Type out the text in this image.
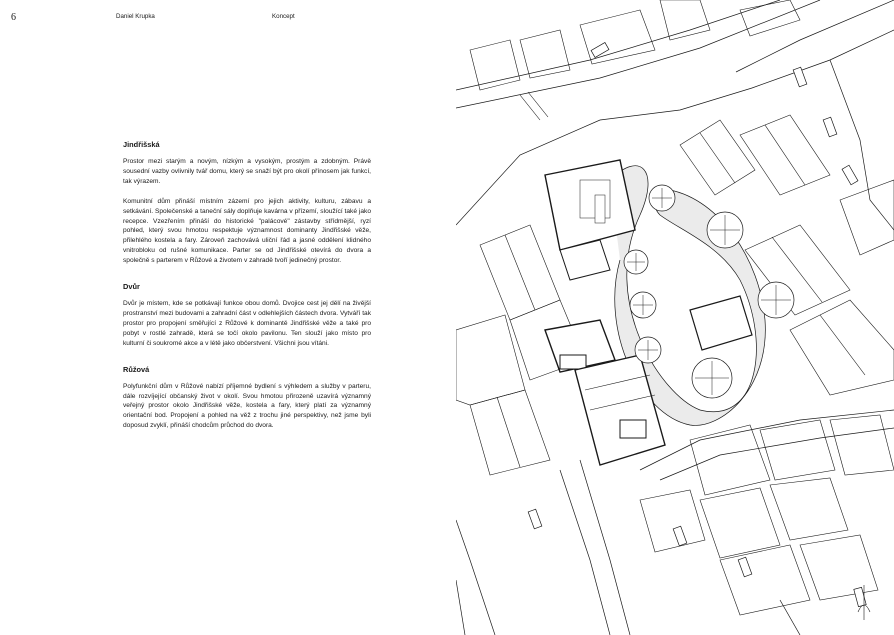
6	Daniel Krupka	Koncept
Jindřišská

Prostor mezi starým a novým, nízkým a vysokým, prostým a zdobným. Právě sousední vazby ovlivnily tvář domu, který se snaží být pro okolí přínosem jak funkcí, tak výrazem.

Komunitní dům přináší místním zázemí pro jejich aktivity, kulturu, zábavu a setkávání. Společenské a taneční sály doplňuje kavárna v přízemí, sloužící také jako recepce. Vzezřením přináší do historické "palácové" zástavby střídmější, ryzí pohled, který svou hmotou respektuje významnost dominanty Jindřišské věže, přilehlého kostela a fary. Zároveň zachovává uliční řád a jasné oddělení klidného vnitrobloku od rušné komunikace. Parter se od Jindřišské otevírá do dvora a společně s parterem v Růžové a životem v zahradě tvoří jedinečný prostor.

Dvůr

Dvůr je místem, kde se potkávají funkce obou domů. Dvojice cest jej dělí na živější prostranství mezi budovami a zahradní část v odlehlejších částech dvora. Vytváří tak prostor pro propojení směřující z Růžové k dominantě Jindřišské věže a také pro pobyt v rostlé zahradě, která se točí okolo pavilonu. Ten slouží jako místo pro kulturní či soukromé akce a v létě jako občerstvení. Všichni jsou vítáni.

Růžová

Polyfunkční dům v Růžové nabízí příjemné bydlení s výhledem a služby v parteru, dále rozvíjející občanský život v okolí. Svou hmotou přirozeně uzavírá významný veřejný prostor okolo Jindřišské věže, kostela a fary, který platí za významný orientační bod. Propojení a pohled na věž z trochu jiné perspektivy, než jsme byli doposud zvyklí, přináší chodcům průchod do dvora.
